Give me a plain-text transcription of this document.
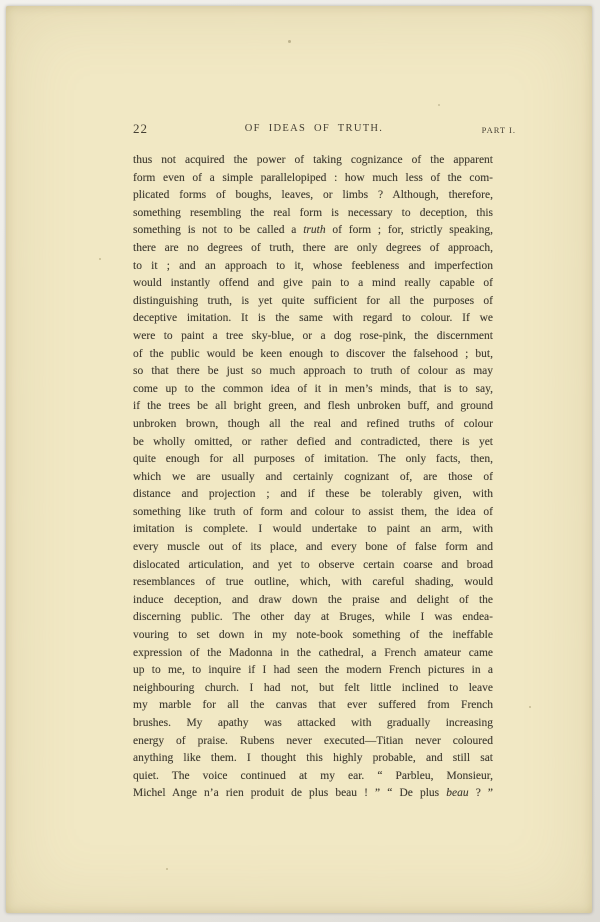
22	OF IDEAS OF TRUTH.	PART I.
thus not acquired the power of taking cognizance of the apparent
form even of a simple parallelopiped : how much less of the com-
plicated forms of boughs, leaves, or limbs ? Although, therefore,
something resembling the real form is necessary to deception, this
something is not to be called a truth of form ; for, strictly speaking,
there are no degrees of truth, there are only degrees of approach,
to it ; and an approach to it, whose feebleness and imperfection
would instantly offend and give pain to a mind really capable of
distinguishing truth, is yet quite sufficient for all the purposes of
deceptive imitation. It is the same with regard to colour. If we
were to paint a tree sky-blue, or a dog rose-pink, the discernment
of the public would be keen enough to discover the falsehood ; but,
so that there be just so much approach to truth of colour as may
come up to the common idea of it in men’s minds, that is to say,
if the trees be all bright green, and flesh unbroken buff, and ground
unbroken brown, though all the real and refined truths of colour
be wholly omitted, or rather defied and contradicted, there is yet
quite enough for all purposes of imitation. The only facts, then,
which we are usually and certainly cognizant of, are those of
distance and projection ; and if these be tolerably given, with
something like truth of form and colour to assist them, the idea of
imitation is complete. I would undertake to paint an arm, with
every muscle out of its place, and every bone of false form and
dislocated articulation, and yet to observe certain coarse and broad
resemblances of true outline, which, with careful shading, would
induce deception, and draw down the praise and delight of the
discerning public. The other day at Bruges, while I was endea-
vouring to set down in my note-book something of the ineffable
expression of the Madonna in the cathedral, a French amateur came
up to me, to inquire if I had seen the modern French pictures in a
neighbouring church. I had not, but felt little inclined to leave
my marble for all the canvas that ever suffered from French
brushes. My apathy was attacked with gradually increasing
energy of praise. Rubens never executed—Titian never coloured
anything like them. I thought this highly probable, and still sat
quiet. The voice continued at my ear. “ Parbleu, Monsieur,
Michel Ange n’a rien produit de plus beau ! ” “ De plus beau ? ”
